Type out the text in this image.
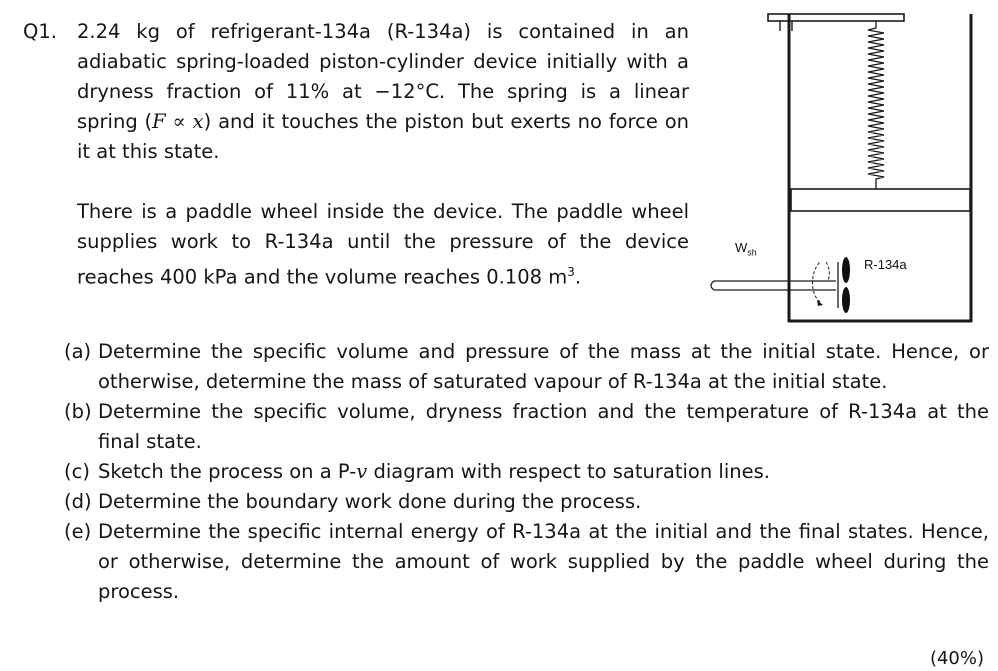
Q1. 2.24 kg of refrigerant-134a (R-134a) is contained in an adiabatic spring-loaded piston-cylinder device initially with a dryness fraction of 11% at −12°C. The spring is a linear spring (F ∝ x) and it touches the piston but exerts no force on it at this state.

There is a paddle wheel inside the device. The paddle wheel supplies work to R-134a until the pressure of the device reaches 400 kPa and the volume reaches 0.108 $m^3$.

(a) Determine the specific volume and pressure of the mass at the initial state. Hence, or otherwise, determine the mass of saturated vapour of R-134a at the initial state.
(b) Determine the specific volume, dryness fraction and the temperature of R-134a at the final state.
(c) Sketch the process on a P-v diagram with respect to saturation lines.
(d) Determine the boundary work done during the process.
(e) Determine the specific internal energy of R-134a at the initial and the final states. Hence, or otherwise, determine the amount of work supplied by the paddle wheel during the process.
(40%)
$W_{sh}$
R-134a
